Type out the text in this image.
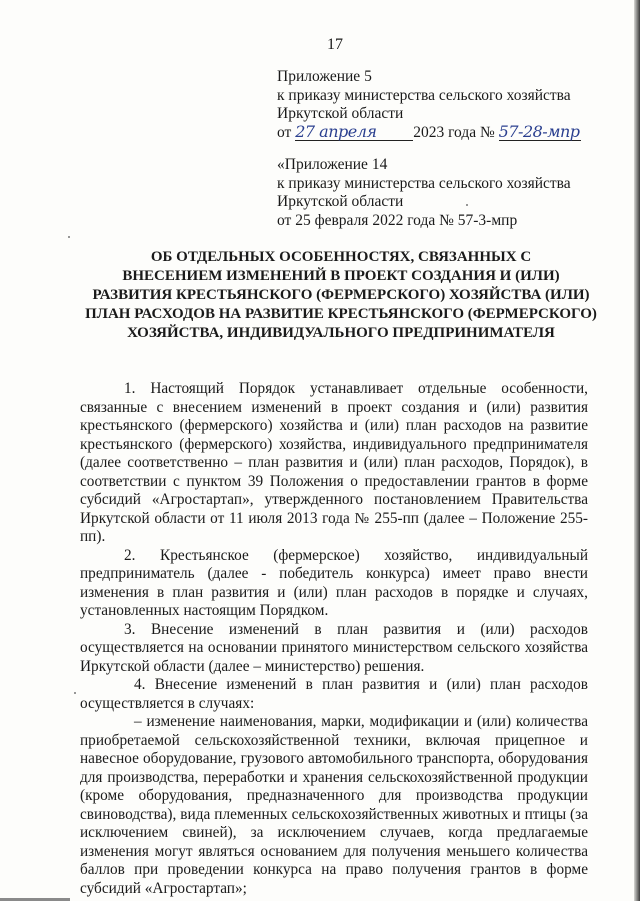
17
Приложение 5
к приказу министерства сельского хозяйства
Иркутской области
от 27 апреля 2023 года № 57-28-мпр
«Приложение 14
к приказу министерства сельского хозяйства
Иркутской области
от 25 февраля 2022 года № 57-3-мпр
ОБ ОТДЕЛЬНЫХ ОСОБЕННОСТЯХ, СВЯЗАННЫХ С
ВНЕСЕНИЕМ ИЗМЕНЕНИЙ В ПРОЕКТ СОЗДАНИЯ И (ИЛИ)
РАЗВИТИЯ КРЕСТЬЯНСКОГО (ФЕРМЕРСКОГО) ХОЗЯЙСТВА (ИЛИ)
ПЛАН РАСХОДОВ НА РАЗВИТИЕ КРЕСТЬЯНСКОГО (ФЕРМЕРСКОГО)
ХОЗЯЙСТВА, ИНДИВИДУАЛЬНОГО ПРЕДПРИНИМАТЕЛЯ
1. Настоящий Порядок устанавливает отдельные особенности, связанные с внесением изменений в проект создания и (или) развития крестьянского (фермерского) хозяйства и (или) план расходов на развитие крестьянского (фермерского) хозяйства, индивидуального предпринимателя (далее соответственно – план развития и (или) план расходов, Порядок), в соответствии с пунктом 39 Положения о предоставлении грантов в форме субсидий «Агростартап», утвержденного постановлением Правительства Иркутской области от 11 июля 2013 года № 255-пп (далее – Положение 255-пп).
2. Крестьянское (фермерское) хозяйство, индивидуальный предприниматель (далее - победитель конкурса) имеет право внести изменения в план развития и (или) план расходов в порядке и случаях, установленных настоящим Порядком.
3. Внесение изменений в план развития и (или) расходов осуществляется на основании принятого министерством сельского хозяйства Иркутской области (далее – министерство) решения.
4. Внесение изменений в план развития и (или) план расходов осуществляется в случаях:
– изменение наименования, марки, модификации и (или) количества приобретаемой сельскохозяйственной техники, включая прицепное и навесное оборудование, грузового автомобильного транспорта, оборудования для производства, переработки и хранения сельскохозяйственной продукции (кроме оборудования, предназначенного для производства продукции свиноводства), вида племенных сельскохозяйственных животных и птицы (за исключением свиней), за исключением случаев, когда предлагаемые изменения могут являться основанием для получения меньшего количества баллов при проведении конкурса на право получения грантов в форме субсидий «Агростартап»;
